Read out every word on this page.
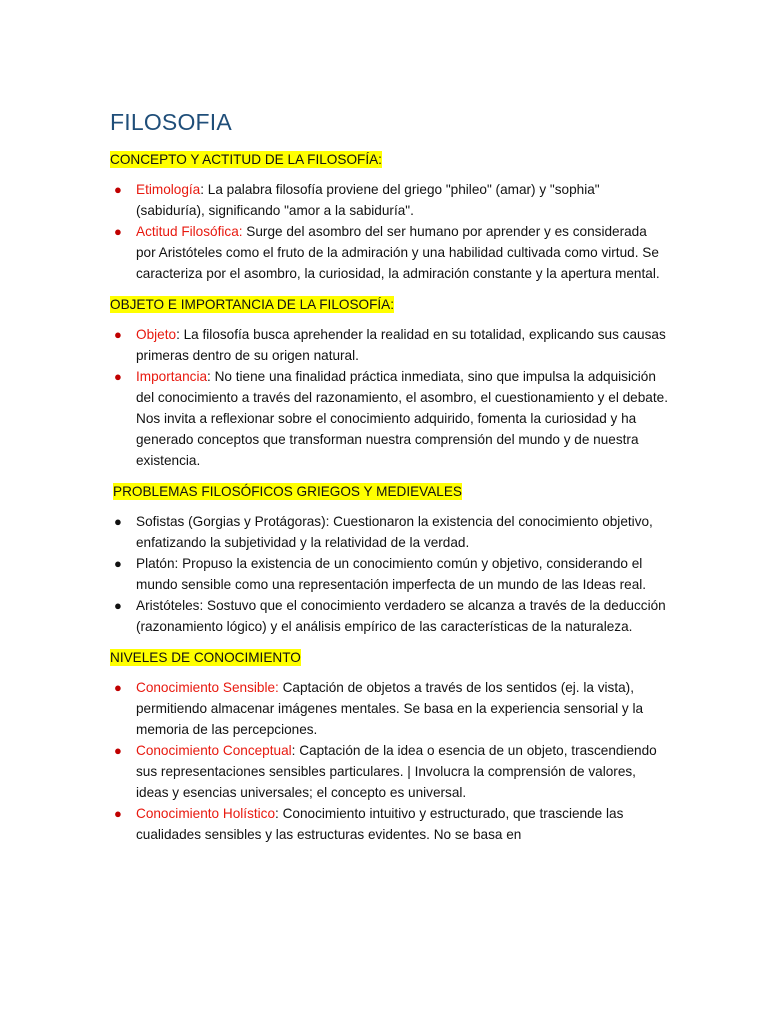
FILOSOFIA
CONCEPTO Y ACTITUD DE LA FILOSOFÍA:
● Etimología: La palabra filosofía proviene del griego "phileo" (amar) y "sophia" (sabiduría), significando "amor a la sabiduría".
● Actitud Filosófica: Surge del asombro del ser humano por aprender y es considerada por Aristóteles como el fruto de la admiración y una habilidad cultivada como virtud. Se caracteriza por el asombro, la curiosidad, la admiración constante y la apertura mental.
OBJETO E IMPORTANCIA DE LA FILOSOFÍA:
● Objeto: La filosofía busca aprehender la realidad en su totalidad, explicando sus causas primeras dentro de su origen natural.
● Importancia: No tiene una finalidad práctica inmediata, sino que impulsa la adquisición del conocimiento a través del razonamiento, el asombro, el cuestionamiento y el debate. Nos invita a reflexionar sobre el conocimiento adquirido, fomenta la curiosidad y ha generado conceptos que transforman nuestra comprensión del mundo y de nuestra existencia.
PROBLEMAS FILOSÓFICOS GRIEGOS Y MEDIEVALES
● Sofistas (Gorgias y Protágoras): Cuestionaron la existencia del conocimiento objetivo, enfatizando la subjetividad y la relatividad de la verdad.
● Platón: Propuso la existencia de un conocimiento común y objetivo, considerando el mundo sensible como una representación imperfecta de un mundo de las Ideas real.
● Aristóteles: Sostuvo que el conocimiento verdadero se alcanza a través de la deducción (razonamiento lógico) y el análisis empírico de las características de la naturaleza.
NIVELES DE CONOCIMIENTO
● Conocimiento Sensible: Captación de objetos a través de los sentidos (ej. la vista), permitiendo almacenar imágenes mentales. Se basa en la experiencia sensorial y la memoria de las percepciones.
● Conocimiento Conceptual: Captación de la idea o esencia de un objeto, trascendiendo sus representaciones sensibles particulares. | Involucra la comprensión de valores, ideas y esencias universales; el concepto es universal.
● Conocimiento Holístico: Conocimiento intuitivo y estructurado, que trasciende las cualidades sensibles y las estructuras evidentes. No se basa en
